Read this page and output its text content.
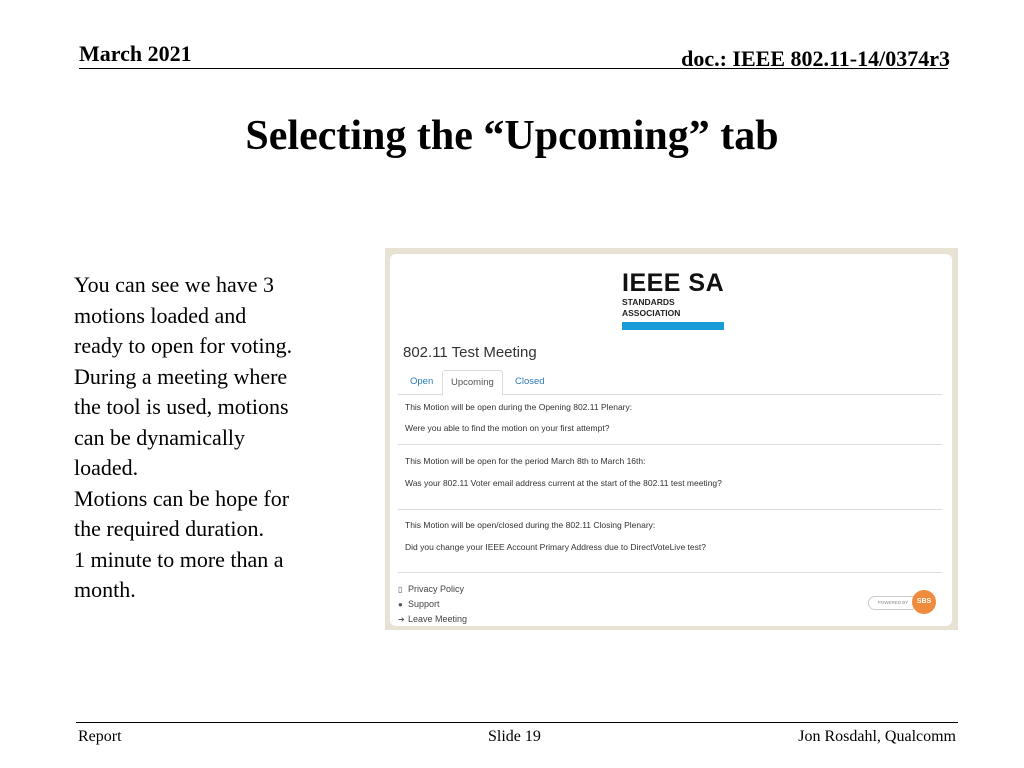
March 2021	doc.: IEEE 802.11-14/0374r3
Selecting the “Upcoming” tab
You can see we have 3
motions loaded and
ready to open for voting.
During a meeting where
the tool is used, motions
can be dynamically
loaded.
Motions can be hope for
the required duration.
1 minute to more than a
month.
IEEE SA
STANDARDS
ASSOCIATION
802.11 Test Meeting
Open	Upcoming	Closed
This Motion will be open during the Opening 802.11 Plenary:
Were you able to find the motion on your first attempt?
This Motion will be open for the period March 8th to March 16th:
Was your 802.11 Voter email address current at the start of the 802.11 test meeting?
This Motion will be open/closed during the 802.11 Closing Plenary:
Did you change your IEEE Account Primary Address due to DirectVoteLive test?
▯ Privacy Policy
● Support
➔ Leave Meeting
POWERED BY	SBS
Report	Slide 19	Jon Rosdahl, Qualcomm
